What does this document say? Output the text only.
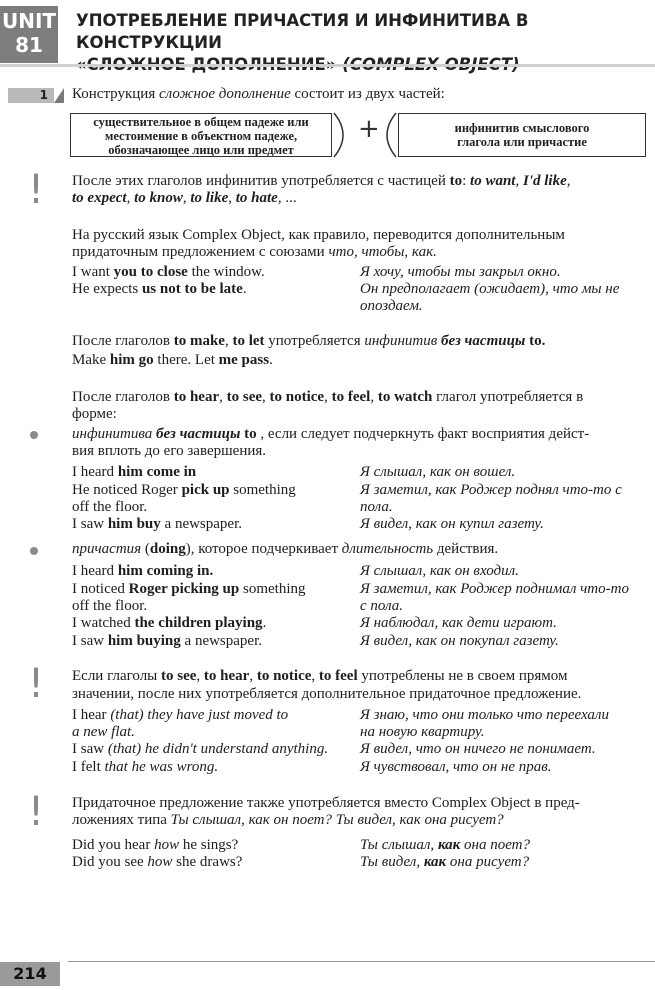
UNIT
81
УПОТРЕБЛЕНИЕ ПРИЧАСТИЯ И ИНФИНИТИВА В КОНСТРУКЦИИ
1	Конструкция сложное дополнение состоит из двух частей:
существительное в общем падеже или
местоимение в объектном падеже,
обозначающее лицо или предмет
+	инфинитив смыслового
глагола или причастие
! После этих глаголов инфинитив употребляется с частицей to: to want, I'd like,
to expect, to know, to like, to hate, ...
На русский язык Complex Object, как правило, переводится дополнительным
придаточным предложением с союзами что, чтобы, как.
I want you to close the window.	Я хочу, чтобы ты закрыл окно.
He expects us not to be late.	Он предполагает (ожидает), что мы не
опоздаем.
После глаголов to make, to let употребляется инфинитив без частицы to.
Make him go there. Let me pass.
После глаголов to hear, to see, to notice, to feel, to watch глагол употребляется в
форме:
инфинитива без частицы to , если следует подчеркнуть факт восприятия дейст-
вия вплоть до его завершения.
I heard him come in	Я слышал, как он вошел.
He noticed Roger pick up something	Я заметил, как Роджер поднял что-то с
off the floor.	пола.
I saw him buy a newspaper.	Я видел, как он купил газету.
причастия (doing), которое подчеркивает длительность действия.
I heard him coming in.	Я слышал, как он входил.
I noticed Roger picking up something	Я заметил, как Роджер поднимал что-то
off the floor.	с пола.
I watched the children playing.	Я наблюдал, как дети играют.
I saw him buying a newspaper.	Я видел, как он покупал газету.
! Если глаголы to see, to hear, to notice, to feel употреблены не в своем прямом
значении, после них употребляется дополнительное придаточное предложение.
I hear (that) they have just moved to	Я знаю, что они только что переехали
a new flat.	на новую квартиру.
I saw (that) he didn't understand anything. Я видел, что он ничего не понимает.
I felt that he was wrong.	Я чувствовал, что он не прав.
! Придаточное предложение также употребляется вместо Complex Object в пред-
ложениях типа Ты слышал, как он поет? Ты видел, как она рисует?
Did you hear how he sings?	Ты слышал, как она поет?
Did you see how she draws?	Ты видел, как она рисует?
214
